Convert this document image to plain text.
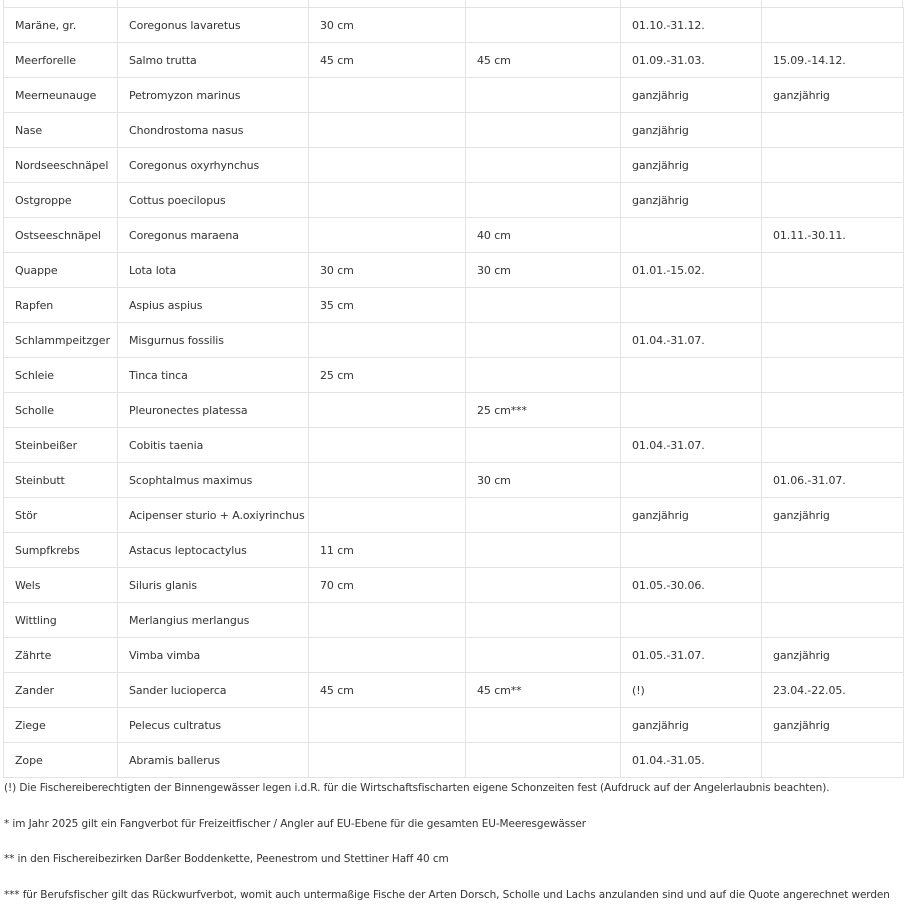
Maräne, gr.	Coregonus lavaretus	30 cm		01.10.-31.12.	
Meerforelle	Salmo trutta	45 cm	45 cm	01.09.-31.03.	15.09.-14.12.
Meerneunauge	Petromyzon marinus			ganzjährig	ganzjährig
Nase	Chondrostoma nasus			ganzjährig	
Nordseeschnäpel	Coregonus oxyrhynchus			ganzjährig	
Ostgroppe	Cottus poecilopus			ganzjährig	
Ostseeschnäpel	Coregonus maraena		40 cm		01.11.-30.11.
Quappe	Lota lota	30 cm	30 cm	01.01.-15.02.	
Rapfen	Aspius aspius	35 cm			
Schlammpeitzger	Misgurnus fossilis			01.04.-31.07.	
Schleie	Tinca tinca	25 cm			
Scholle	Pleuronectes platessa		25 cm***		
Steinbeißer	Cobitis taenia			01.04.-31.07.	
Steinbutt	Scophtalmus maximus		30 cm		01.06.-31.07.
Stör	Acipenser sturio + A.oxiyrinchus			ganzjährig	ganzjährig
Sumpfkrebs	Astacus leptocactylus	11 cm			
Wels	Siluris glanis	70 cm		01.05.-30.06.	
Wittling	Merlangius merlangus				
Zährte	Vimba vimba			01.05.-31.07.	ganzjährig
Zander	Sander lucioperca	45 cm	45 cm**	(!)	23.04.-22.05.
Ziege	Pelecus cultratus			ganzjährig	ganzjährig
Zope	Abramis ballerus			01.04.-31.05.	

(!) Die Fischereiberechtigten der Binnengewässer legen i.d.R. für die Wirtschaftsfischarten eigene Schonzeiten fest (Aufdruck auf der Angelerlaubnis beachten).

* im Jahr 2025 gilt ein Fangverbot für Freizeitfischer / Angler auf EU-Ebene für die gesamten EU-Meeresgewässer

** in den Fischereibezirken Darßer Boddenkette, Peenestrom und Stettiner Haff 40 cm

*** für Berufsfischer gilt das Rückwurfverbot, womit auch untermaßige Fische der Arten Dorsch, Scholle und Lachs anzulanden sind und auf die Quote angerechnet werden
